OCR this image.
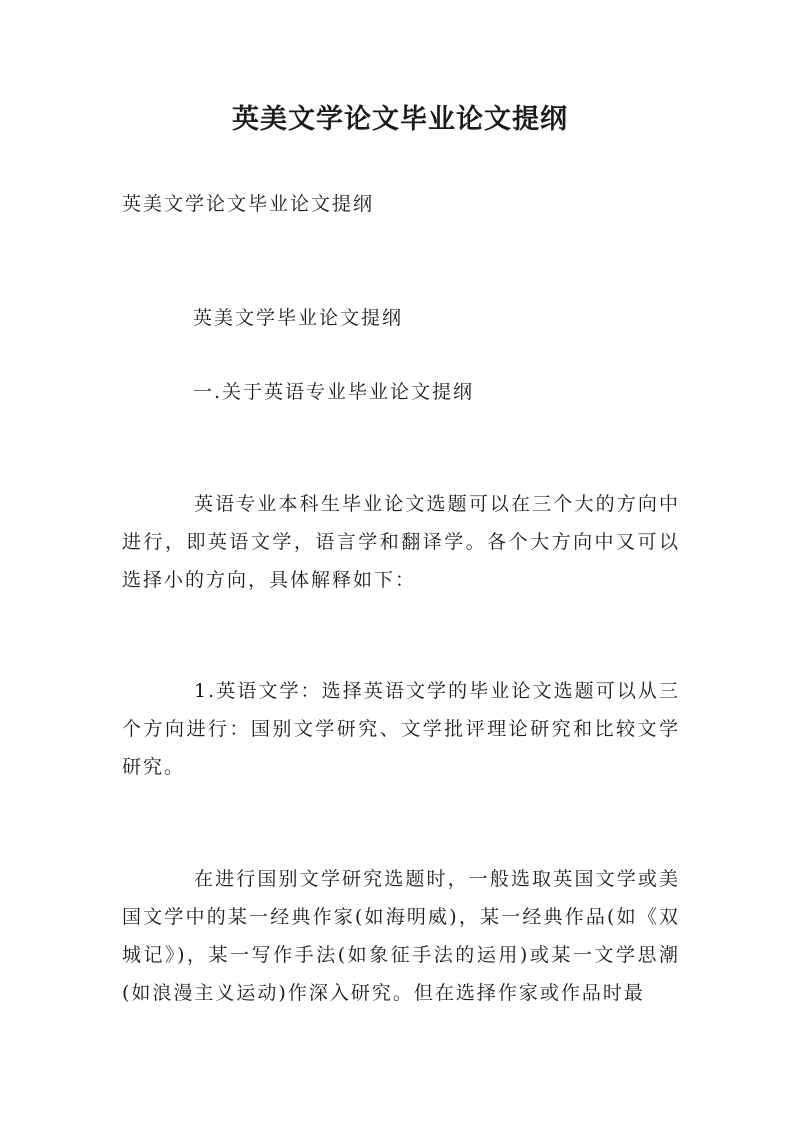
英美文学论文毕业论文提纲
英美文学论文毕业论文提纲
英美文学毕业论文提纲
一.关于英语专业毕业论文提纲
英语专业本科生毕业论文选题可以在三个大的方向中进行，即英语文学，语言学和翻译学。各个大方向中又可以选择小的方向，具体解释如下：
1.英语文学：选择英语文学的毕业论文选题可以从三个方向进行：国别文学研究、文学批评理论研究和比较文学研究。
在进行国别文学研究选题时，一般选取英国文学或美国文学中的某一经典作家(如海明威)，某一经典作品(如《双城记》)，某一写作手法(如象征手法的运用)或某一文学思潮(如浪漫主义运动)作深入研究。但在选择作家或作品时最
